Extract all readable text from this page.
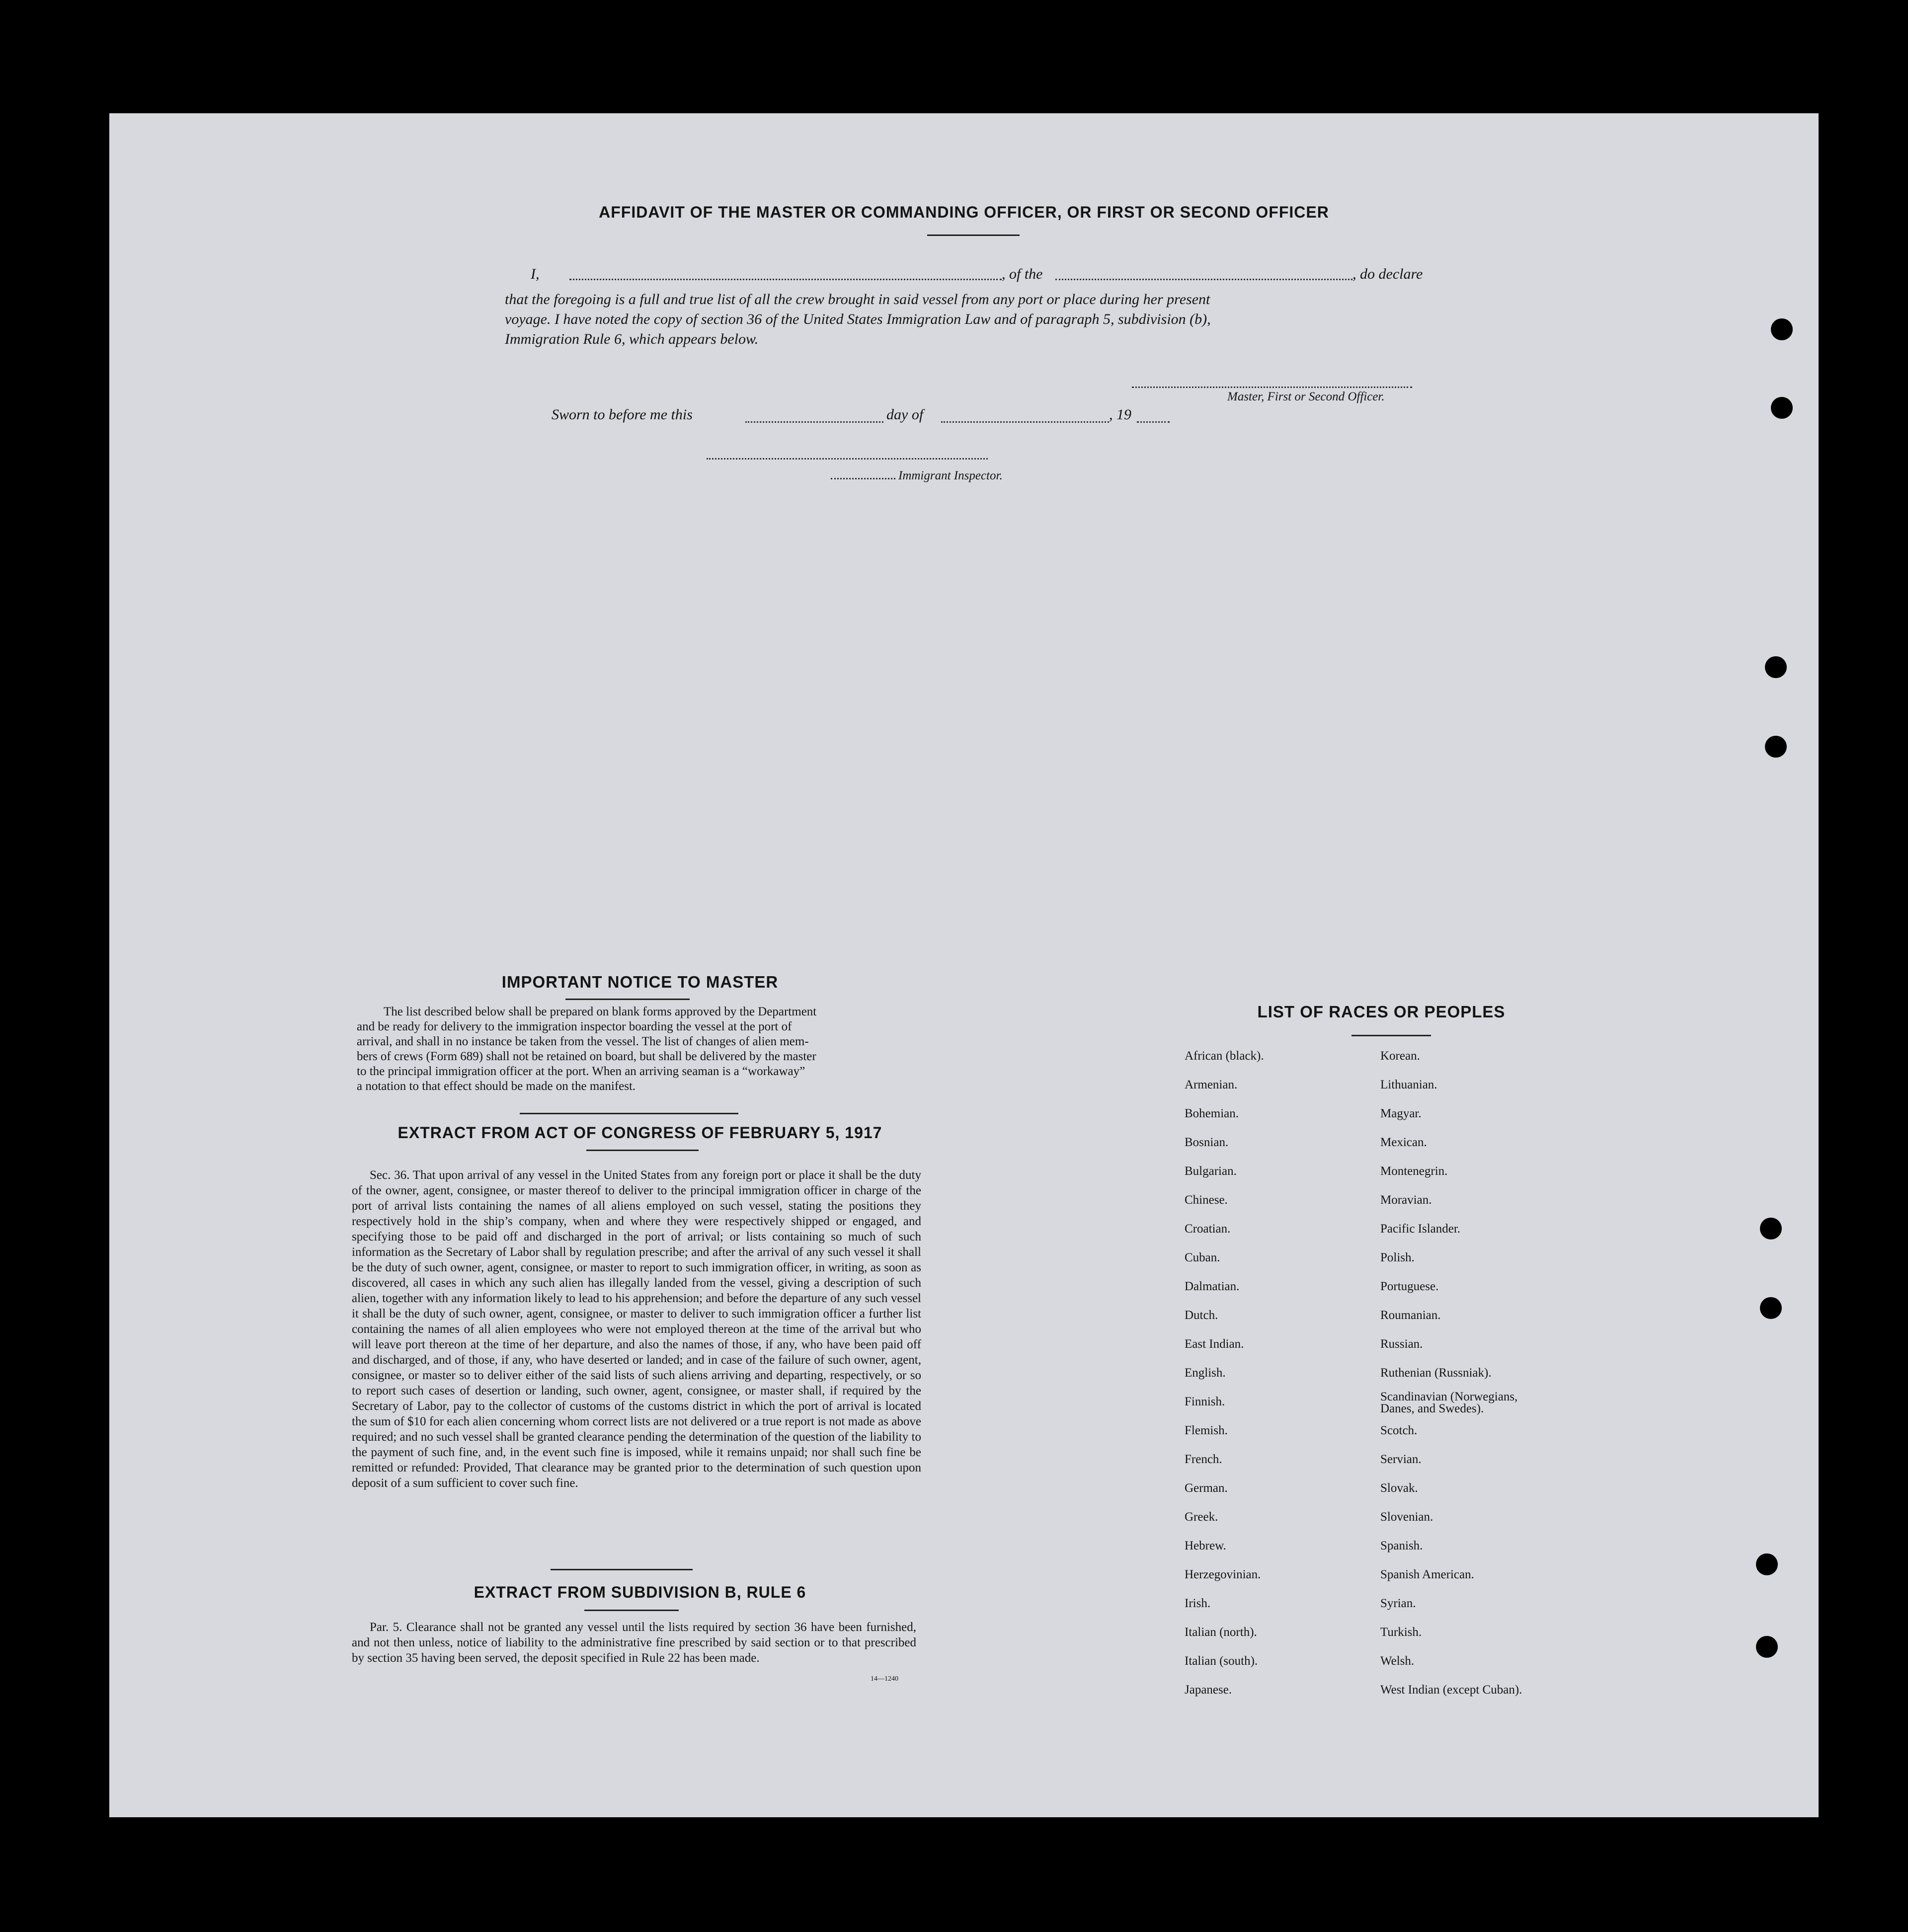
AFFIDAVIT OF THE MASTER OR COMMANDING OFFICER, OR FIRST OR SECOND OFFICER
I,	, of the	, do declare
that the foregoing is a full and true list of all the crew brought in said vessel from any port or place during her present
voyage. I have noted the copy of section 36 of the United States Immigration Law and of paragraph 5, subdivision (b),
Immigration Rule 6, which appears below.
Master, First or Second Officer.
Sworn to before me this	day of	, 19
Immigrant Inspector.
IMPORTANT NOTICE TO MASTER
The list described below shall be prepared on blank forms approved by the Department
and be ready for delivery to the immigration inspector boarding the vessel at the port of
arrival, and shall in no instance be taken from the vessel. The list of changes of alien mem-
bers of crews (Form 689) shall not be retained on board, but shall be delivered by the master
to the principal immigration officer at the port. When an arriving seaman is a “workaway”
a notation to that effect should be made on the manifest.
EXTRACT FROM ACT OF CONGRESS OF FEBRUARY 5, 1917

Sec. 36. That upon arrival of any vessel in the United States from any foreign port or place it shall be the duty of the owner, agent, consignee, or master thereof to deliver to the principal immigration officer in charge of the port of arrival lists containing the names of all aliens employed on such vessel, stating the positions they respectively hold in the ship’s company, when and where they were respectively shipped or engaged, and specifying those to be paid off and discharged in the port of arrival; or lists containing so much of such information as the Secretary of Labor shall by regulation prescribe; and after the arrival of any such vessel it shall be the duty of such owner, agent, consignee, or master to report to such immigration officer, in writing, as soon as discovered, all cases in which any such alien has illegally landed from the vessel, giving a description of such alien, together with any information likely to lead to his apprehension; and before the departure of any such vessel it shall be the duty of such owner, agent, consignee, or master to deliver to such immigration officer a further list containing the names of all alien employees who were not employed thereon at the time of the arrival but who will leave port thereon at the time of her departure, and also the names of those, if any, who have been paid off and discharged, and of those, if any, who have deserted or landed; and in case of the failure of such owner, agent, consignee, or master so to deliver either of the said lists of such aliens arriving and departing, respectively, or so to report such cases of desertion or landing, such owner, agent, consignee, or master shall, if required by the Secretary of Labor, pay to the collector of customs of the customs district in which the port of arrival is located the sum of $10 for each alien concerning whom correct lists are not delivered or a true report is not made as above required; and no such vessel shall be granted clearance pending the determination of the question of the liability to the payment of such fine, and, in the event such fine is imposed, while it remains unpaid; nor shall such fine be remitted or refunded: Provided, That clearance may be granted prior to the determination of such question upon deposit of a sum sufficient to cover such fine.

EXTRACT FROM SUBDIVISION B, RULE 6

Par. 5. Clearance shall not be granted any vessel until the lists required by section 36 have been furnished, and not then unless, notice of liability to the administrative fine prescribed by said section or to that prescribed by section 35 having been served, the deposit specified in Rule 22 has been made.

14—1240
LIST OF RACES OR PEOPLES
African (black).
Armenian.
Bohemian.
Bosnian.
Bulgarian.
Chinese.
Croatian.
Cuban.
Dalmatian.
Dutch.
East Indian.
English.
Finnish.
Flemish.
French.
German.
Greek.
Hebrew.
Herzegovinian.
Irish.
Italian (north).
Italian (south).
Japanese.
Korean.
Lithuanian.
Magyar.
Mexican.
Montenegrin.
Moravian.
Pacific Islander.
Polish.
Portuguese.
Roumanian.
Russian.
Ruthenian (Russniak).
Scandinavian (Norwegians, Danes, and Swedes).
Scotch.
Servian.
Slovak.
Slovenian.
Spanish.
Spanish American.
Syrian.
Turkish.
Welsh.
West Indian (except Cuban).
